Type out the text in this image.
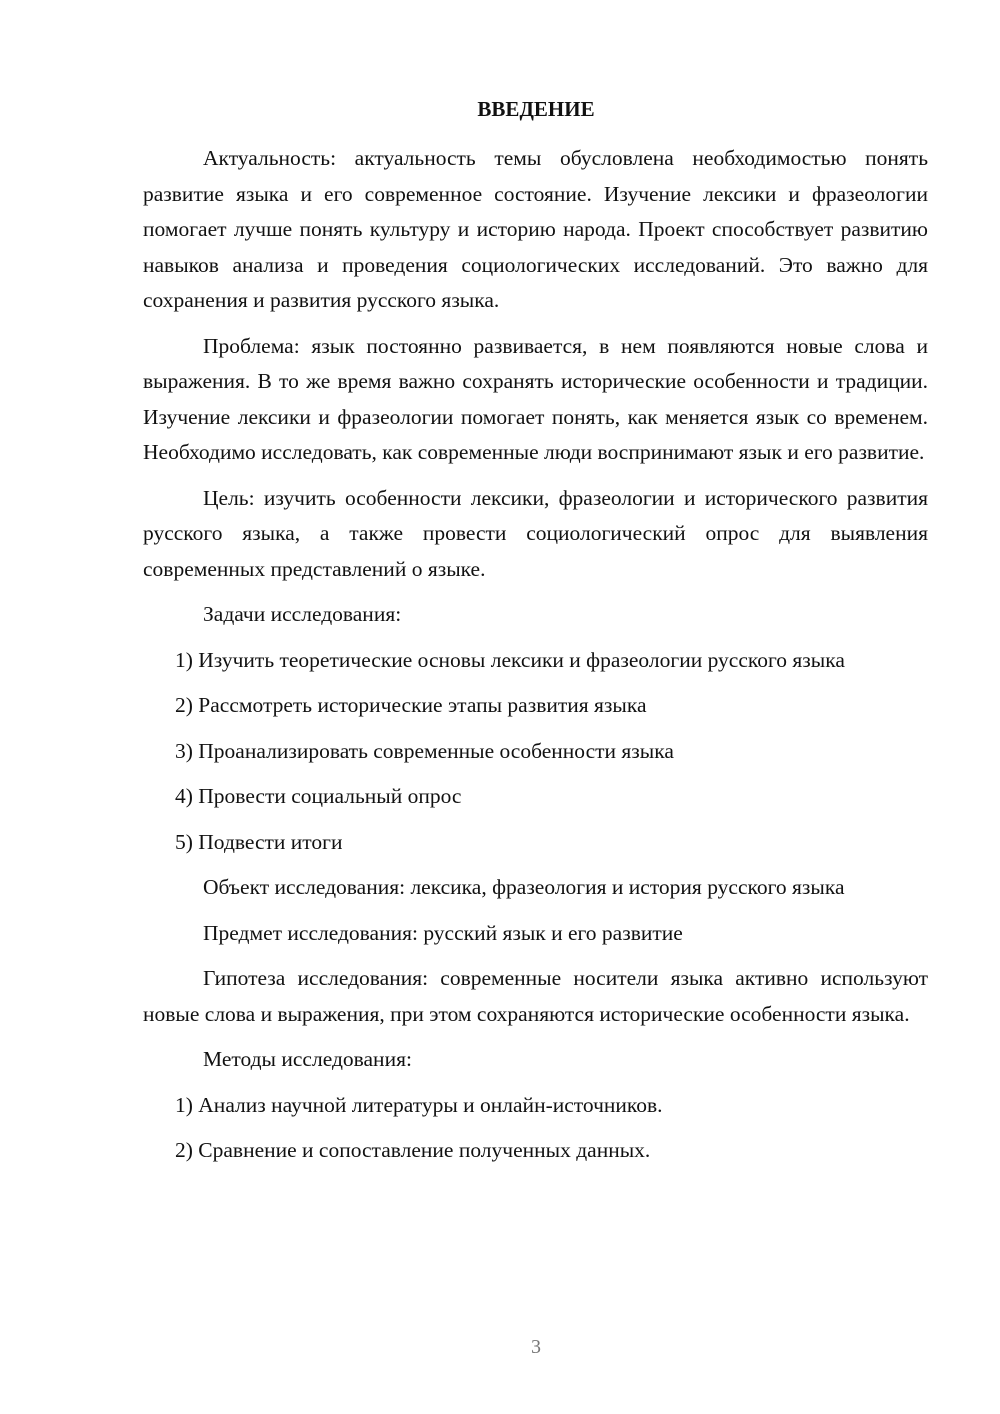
ВВЕДЕНИЕ

Актуальность: актуальность темы обусловлена необходимостью понять развитие языка и его современное состояние. Изучение лексики и фразеологии помогает лучше понять культуру и историю народа. Проект способствует развитию навыков анализа и проведения социологических исследований. Это важно для сохранения и развития русского языка.

Проблема: язык постоянно развивается, в нем появляются новые слова и выражения. В то же время важно сохранять исторические особенности и традиции. Изучение лексики и фразеологии помогает понять, как меняется язык со временем. Необходимо исследовать, как современные люди воспринимают язык и его развитие.

Цель: изучить особенности лексики, фразеологии и исторического развития русского языка, а также провести социологический опрос для выявления современных представлений о языке.

Задачи исследования:

1) Изучить теоретические основы лексики и фразеологии русского языка

2) Рассмотреть исторические этапы развития языка

3) Проанализировать современные особенности языка

4) Провести социальный опрос

5) Подвести итоги

Объект исследования: лексика, фразеология и история русского языка

Предмет исследования: русский язык и его развитие

Гипотеза исследования: современные носители языка активно используют новые слова и выражения, при этом сохраняются исторические особенности языка.

Методы исследования:

1) Анализ научной литературы и онлайн-источников.

2) Сравнение и сопоставление полученных данных.

3
